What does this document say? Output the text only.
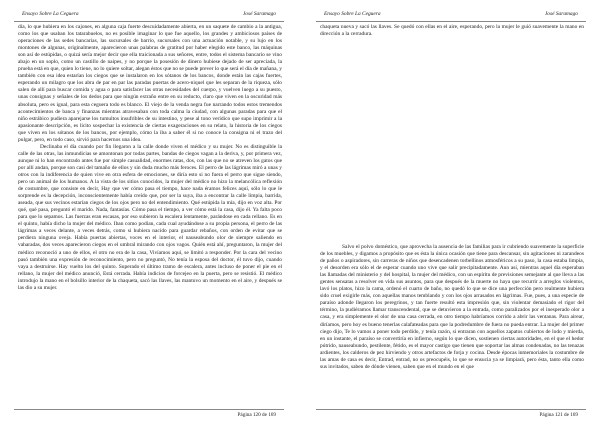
Ensayo Sobre La Ceguera	José Saramago

día, lo que hubiera en los cajones, en alguna caja fuerte descuidadamente abierta, en un saquete de cambio a la antigua, como los que usaban los tatarabuelos, no es posible imaginar lo que fue aquello, los grandes y ambiciosos países de operaciones de las sedes bancarias, las sucursales de barrio, sucursales con una actuación notable, y su lujo en los montones de algunas, originalmente, aparecieron unas palabras de gratitud por haber elegido este banco, las máquinas son así de estúpidas, o quizá sería mejor decir que ella traicionada a sus señores, entre, todos el sistema bancario se vino abajo en un soplo, como un castillo de naipes, y no porque la posesión de dinero hubiese dejado de ser apreciada, la prueba está en que, quien lo tiene, no lo quiere soltar, alegan éstos que no se puede prever lo que será el día de mañana, y también con esa idea estarían los ciegos que se instalaron en los sótanos de los bancos, donde están las cajas fuertes, esperando un milagro que los abra de par en par las paradas puertas de acero-niquel que les separan de la riqueza, sólo salen de allí para buscar comida y agua o para satisfacer las otras necesidades del cuerpo, y vuelven luego a su puesto, unas consignas y señales de los dedos para que ningún extraño entre en su reducto, claro que viven en la oscuridad más absoluta, pero es igual, para esta ceguera todo es blanco. El viejo de la venda negra fue narrando todos estos tremendos acontecimientos de banca y finanzas mientras atravesaban con toda calma la ciudad, con algunas paradas para que el niño estrábico pudiera aparejarse los tumultos insufribles de su intestino, y pese al tono verídico que supo imprimir a la apasionante descripción, es lícito sospechar la existencia de ciertas exageraciones en su relato, la historia de los ciegos que viven en los sótanos de los bancos, por ejemplo, cómo la iba a saber él si no conoce la consigna ni el trazo del pulgar, pero, en todo caso, sirvió para hacernos una idea.

Declinaba el día cuando por fin llegaron a la calle donde viven el médico y su mujer. No es distinguible la calle de las otras, las inmundicias se amontonan por todas partes, bandas de ciegos vagan a la deriva, y, por primera vez, aunque ni lo han encontrado antes fue por simple casualidad, enormes ratas, dos, con las que no se atreven los gatos que por allí andan, porque son casi del tamaño de ellos y sin duda mucho más feroces. El perro de las lágrimas miró a unas y otros con la indiferencia de quien vive en otra esfera de emociones, se diría esto si no fuera el perro que sigue siendo, pero un animal de los humanos. A la vista de los sitios conocidos, la mujer del médico no hizo la melancólica reflexión de costumbre, que consiste en decir, Hay que ver cómo pasa el tiempo, hace nada éramos felices aquí, sólo lo que le sorprende es la decepción, inconscientemente había creído que, por ser la suya, iba a encontrar la calle limpia, barrida, aseada, que sus vecinos estarían ciegos de los ojos pero no del entendimiento. Qué estúpida la mía, dijo en voz alta. Por qué, qué pasa, preguntó el marido. Nada, fantasías. Cómo pasa el tiempo, a ver cómo está la casa, dijo él. Ya falta poco para que lo sepamos. Las fuerzas eran escasas, por eso subieron la escalera lentamente, parándose en cada rellano. Es en el quinto, había dicho la mujer del médico. Iban como podían, cada cual ayudándose a su propia persona, el perro de las lágrimas a veces delante, a veces detrás, como si hubiera nacido para guardar rebaños, con orden de evitar que se perdiera ninguna oveja. Había puertas abiertas, voces en el interior, el nauseabundo olor de siempre saliendo en vaharadas, dos veces aparecieron ciegos en el umbral mirando con ojos vagos. Quién está ahí, preguntaron, la mujer del médico reconoció a uno de ellos, el otro no era de la casa, Vivíamos aquí, se limitó a responder. Por la cara del vecino pasó también una expresión de reconocimiento, pero no preguntó, No tenía la esposa del doctor, él tuvo dijo, cuando vaya a destruirse. Hay vuelto los del quinto. Superado el último tramo de escalera, antes incluso de poner el pie en el rellano, la mujer del médico anunció, Está cerrada. Había indicios de forcejeo en la puerta, pero se resistió. El médico introdujo la mano en el bolsillo interior de la chaqueta, sacó las llaves, las mantuvo un momento en el aire, y después se las dio a su mujer.

Página 120 de 169
Ensayo Sobre La Ceguera	José Saramago

chaqueta nueva y sacó las llaves. Se quedó con ellas en el aire, esperando, pero la mujer le guió suavemente la mano en dirección a la cerradura.

Salvo el polvo doméstico, que aprovecha la ausencia de las familias para ir cubriendo suavemente la superficie de los muebles, y digamos a propósito que es ésta la única ocasión que tiene para descansar, sin agitaciones ni zarandeos de paños o aspiradores, sin carreras de niños que desencadenen torbellinos atmosféricos a su paso, la casa estaba limpia, y el desorden era sólo el de esperar cuando uno vive que salir precipitadamente. Aun así, mientras aquel día esperaban las llamadas del ministerio y del hospital, la mujer del médico, con un espíritu de previsiones semejante al que lleva a las gentes sensatas a resolver en vida sus asuntos, para que después de la muerte no haya que recurrir a arreglos violentos, lavó los platos, hizo la cama, ordenó el cuarto de baño, no quedó lo que se dice una perfección pero realmente hubiera sido cruel exigirle más, con aquellas manos temblando y con los ojos arrasados en lágrimas. Fue, pues, a una especie de paraíso adonde llegaron los peregrinos, y tan fuerte resultó esta impresión que, sin violentar demasiado el rigor del término, la pudiéramos llamar transcendental, que se detuvieron a la entrada, como paralizados por el inesperado olor a casa, y era simplemente el olor de una casa cerrada, en otro tiempo habríamos corrido a abrir las ventanas. Para airear, diríamos, pero hoy es bueno tenerlas calafateadas para que la podredumbre de fuera no pueda entrar. La mujer del primer ciego dijo, Te lo vamos a poner todo perdido, y tenía razón, si entraran con aquellos zapatos cubiertos de lodo y mierda, en un instante, el paraíso se convertiría en infierno, según lo que dicen, sostienen ciertas autoridades, en el que el hedor pútrido, nauseabundo, pestilente, fétido, es el mayor castigo que tienen que soportar las almas condenadas, no las tenazas ardientes, los calderos de pez hirviendo y otros artefactos de forja y cocina. Desde épocas inmemoriales la costumbre de las amas de casa es decir, Entrad, entrad, no os preocupéis, lo que se ensucia ya se limpiará, pero ésta, tanto ella como sus invitados, saben de dónde vienen, saben que en el mundo en el que

Página 121 de 169
